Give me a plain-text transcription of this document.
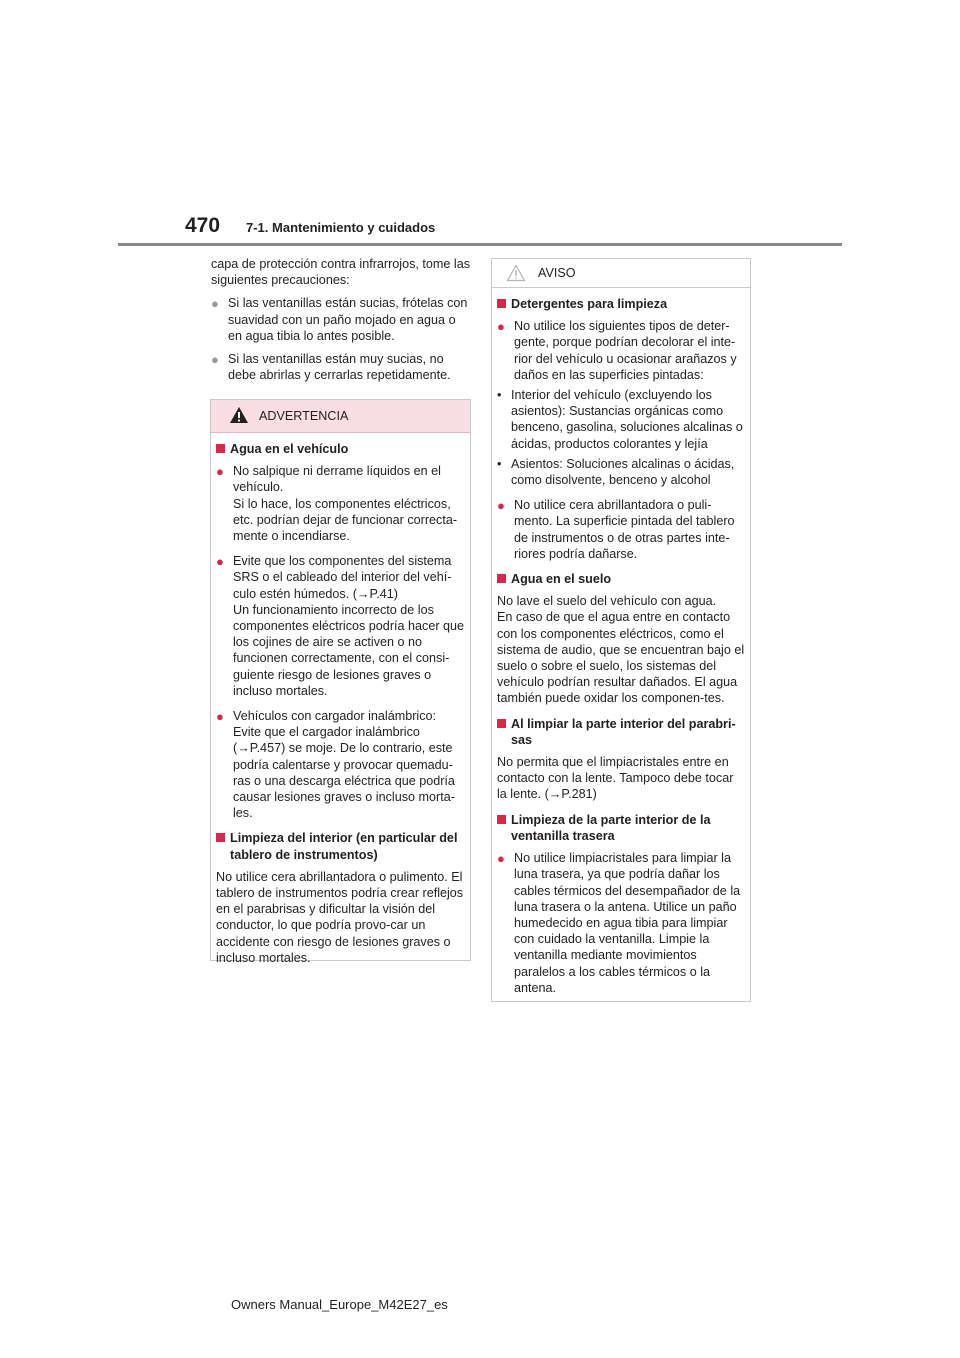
470 7-1. Mantenimiento y cuidados

capa de protección contra infrarrojos, tome las siguientes precauciones:

● Si las ventanillas están sucias, frótelas con suavidad con un paño mojado en agua o en agua tibia lo antes posible.
● Si las ventanillas están muy sucias, no debe abrirlas y cerrarlas repetidamente.
ADVERTENCIA
Agua en el vehículo
● No salpique ni derrame líquidos en el vehículo.
Si lo hace, los componentes eléctricos, etc. podrían dejar de funcionar correcta-mente o incendiarse.
● Evite que los componentes del sistema SRS o el cableado del interior del vehí-culo estén húmedos. (→P.41)
Un funcionamiento incorrecto de los componentes eléctricos podría hacer que los cojines de aire se activen o no funcionen correctamente, con el consi-guiente riesgo de lesiones graves o incluso mortales.
● Vehículos con cargador inalámbrico: Evite que el cargador inalámbrico (→P.457) se moje. De lo contrario, este podría calentarse y provocar quemadu-ras o una descarga eléctrica que podría causar lesiones graves o incluso morta-les.
Limpieza del interior (en particular del tablero de instrumentos)

No utilice cera abrillantadora o pulimento. El tablero de instrumentos podría crear reflejos en el parabrisas y dificultar la visión del conductor, lo que podría provo-car un accidente con riesgo de lesiones graves o incluso mortales.

AVISO
Detergentes para limpieza
● No utilice los siguientes tipos de deter-gente, porque podrían decolorar el inte-rior del vehículo u ocasionar arañazos y daños en las superficies pintadas:
• Interior del vehículo (excluyendo los asientos): Sustancias orgánicas como benceno, gasolina, soluciones alcalinas o ácidas, productos colorantes y lejía
• Asientos: Soluciones alcalinas o ácidas, como disolvente, benceno y alcohol
● No utilice cera abrillantadora o puli-mento. La superficie pintada del tablero de instrumentos o de otras partes inte-riores podría dañarse.
Agua en el suelo

No lave el suelo del vehículo con agua.
En caso de que el agua entre en contacto con los componentes eléctricos, como el sistema de audio, que se encuentran bajo el suelo o sobre el suelo, los sistemas del vehículo podrían resultar dañados. El agua también puede oxidar los componen-tes.

Al limpiar la parte interior del parabri-sas

No permita que el limpiacristales entre en contacto con la lente. Tampoco debe tocar la lente. (→P.281)

Limpieza de la parte interior de la ventanilla trasera
● No utilice limpiacristales para limpiar la luna trasera, ya que podría dañar los cables térmicos del desempañador de la luna trasera o la antena. Utilice un paño humedecido en agua tibia para limpiar con cuidado la ventanilla. Limpie la ventanilla mediante movimientos paralelos a los cables térmicos o la antena.
Owners Manual_Europe_M42E27_es
